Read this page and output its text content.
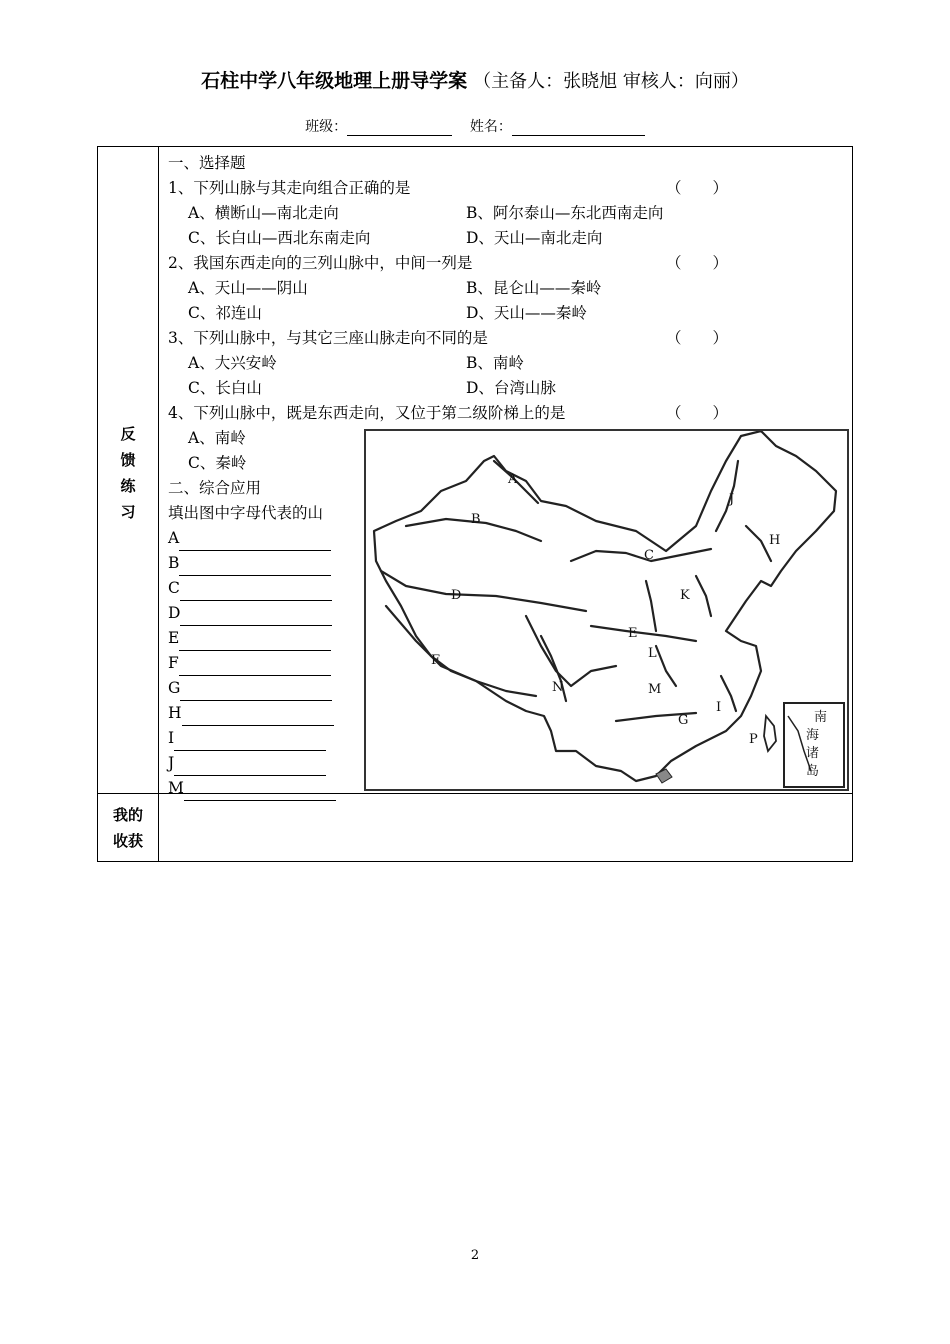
石柱中学八年级地理上册导学案 （主备人：张晓旭 审核人：向丽）
班级：	姓名：
反
馈
练
习
我的
收获
一、选择题
1、下列山脉与其走向组合正确的是	（　　）
A、横断山—南北走向	B、阿尔泰山—东北西南走向
C、长白山—西北东南走向	D、天山—南北走向
2、我国东西走向的三列山脉中，中间一列是	（　　）
A、天山——阴山	B、昆仑山——秦岭
C、祁连山	D、天山——秦岭
3、下列山脉中，与其它三座山脉走向不同的是	（　　）
A、大兴安岭	B、南岭
C、长白山	D、台湾山脉
4、下列山脉中，既是东西走向，又位于第二级阶梯上的是	（　　）
A、南岭
C、秦岭
二、综合应用
填出图中字母代表的山
A
B
C
D
E
F
G
H
I
J
M
A
B
C
D
E
F
G
H
I
J
K
L
M
N
P
南
海
诸
岛
2
